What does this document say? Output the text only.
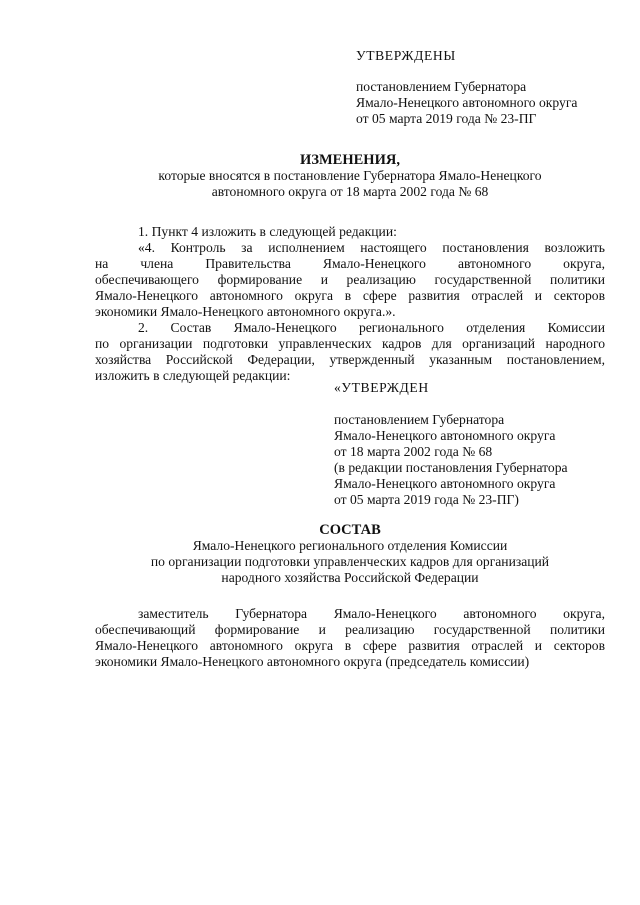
УТВЕРЖДЕНЫ
постановлением Губернатора
Ямало-Ненецкого автономного округа
от 05 марта 2019 года № 23-ПГ
ИЗМЕНЕНИЯ,
которые вносятся в постановление Губернатора Ямало-Ненецкого
автономного округа от 18 марта 2002 года № 68
1. Пункт 4 изложить в следующей редакции:
«4. Контроль за исполнением настоящего постановления возложить
на члена Правительства Ямало-Ненецкого автономного округа,
обеспечивающего формирование и реализацию государственной политики
Ямало-Ненецкого автономного округа в сфере развития отраслей и секторов
экономики Ямало-Ненецкого автономного округа.».
2. Состав Ямало-Ненецкого регионального отделения Комиссии
по организации подготовки управленческих кадров для организаций народного
хозяйства Российской Федерации, утвержденный указанным постановлением,
изложить в следующей редакции:
«УТВЕРЖДЕН
постановлением Губернатора
Ямало-Ненецкого автономного округа
от 18 марта 2002 года № 68
(в редакции постановления Губернатора
Ямало-Ненецкого автономного округа
от 05 марта 2019 года № 23-ПГ)
СОСТАВ
Ямало-Ненецкого регионального отделения Комиссии
по организации подготовки управленческих кадров для организаций
народного хозяйства Российской Федерации
заместитель Губернатора Ямало-Ненецкого автономного округа,
обеспечивающий формирование и реализацию государственной политики
Ямало-Ненецкого автономного округа в сфере развития отраслей и секторов
экономики Ямало-Ненецкого автономного округа (председатель комиссии)
